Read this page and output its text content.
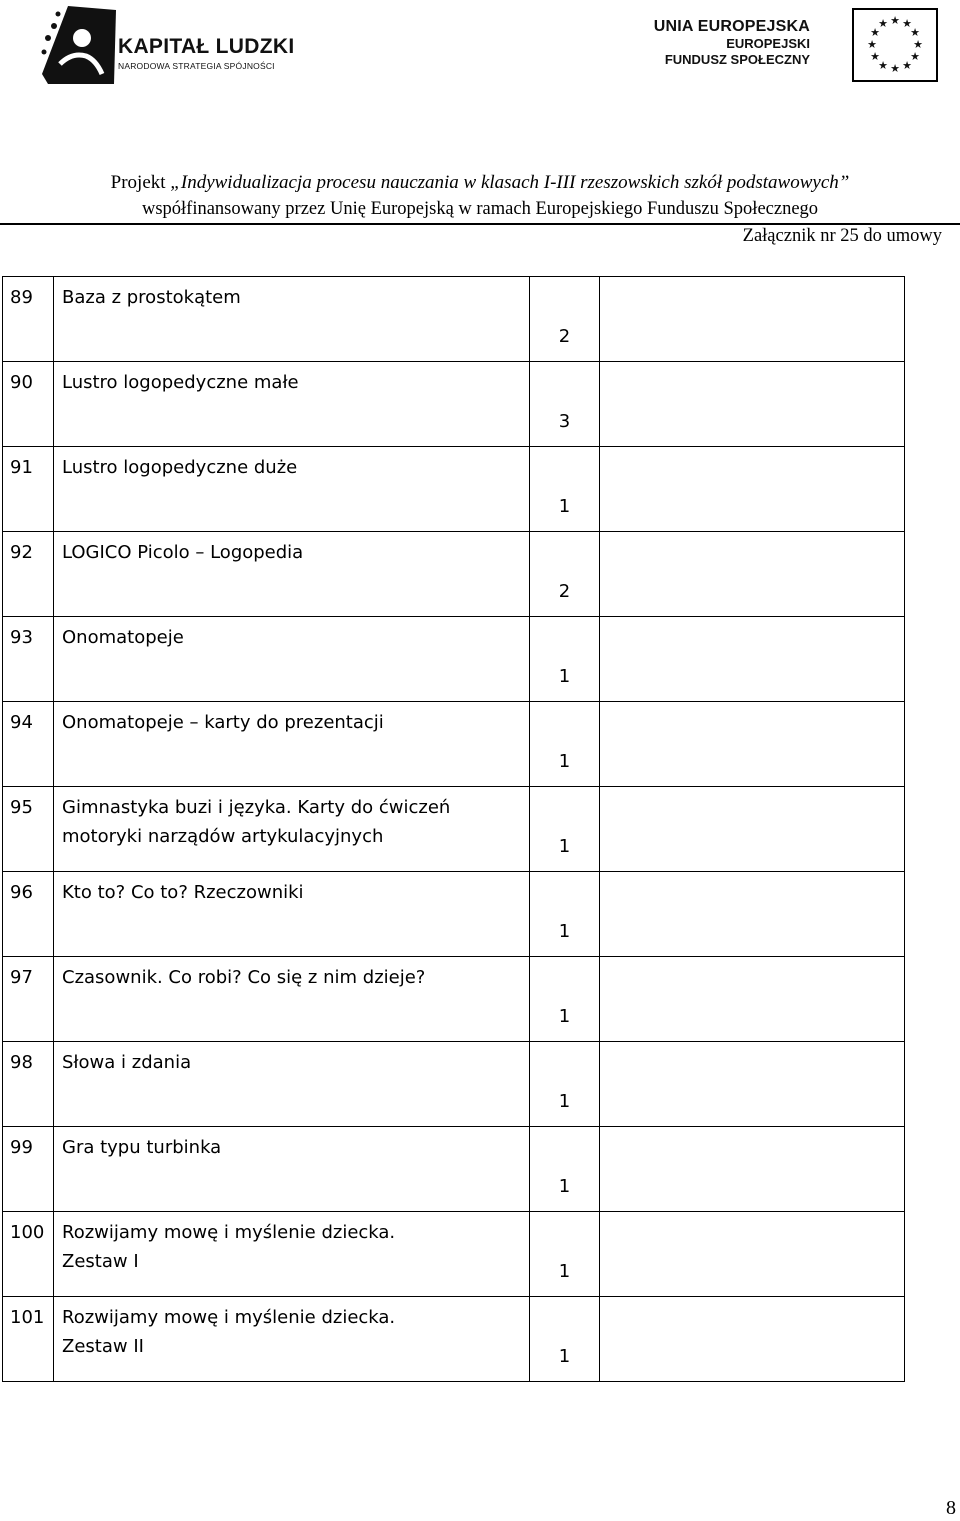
KAPITAŁ LUDZKI
NARODOWA STRATEGIA SPÓJNOŚCI
UNIA EUROPEJSKA
EUROPEJSKI
FUNDUSZ SPOŁECZNY
★ ★
★
★
★
★
★
★
★
★
★
★
Projekt „Indywidualizacja procesu nauczania w klasach I-III rzeszowskich szkół podstawowych”
współfinansowany przez Unię Europejską w ramach Europejskiego Funduszu Społecznego
Załącznik nr 25 do umowy
89	Baza z prostokątem	2	

90	Lustro logopedyczne małe	3	

91	Lustro logopedyczne duże	1	

92	LOGICO Picolo – Logopedia	2	

93	Onomatopeje	1	

94	Onomatopeje – karty do prezentacji	1	

95	Gimnastyka buzi i języka. Karty do ćwiczeń
motoryki narządów artykulacyjnych	1	

96	Kto to? Co to? Rzeczowniki	1	

97	Czasownik. Co robi? Co się z nim dzieje?	1	

98	Słowa i zdania	1	

99	Gra typu turbinka	1	

100	Rozwijamy mowę i myślenie dziecka.
Zestaw I	1	

101	Rozwijamy mowę i myślenie dziecka.
Zestaw II	1	
8
